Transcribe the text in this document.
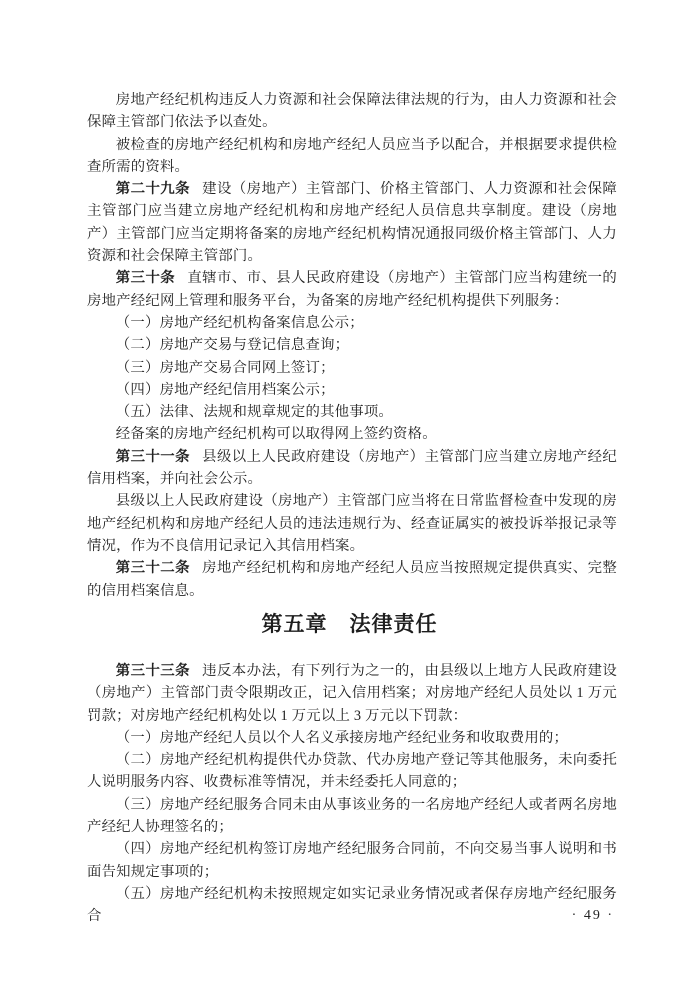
房地产经纪机构违反人力资源和社会保障法律法规的行为，由人力资源和社会保障主管部门依法予以查处。

被检查的房地产经纪机构和房地产经纪人员应当予以配合，并根据要求提供检查所需的资料。

第二十九条 建设（房地产）主管部门、价格主管部门、人力资源和社会保障主管部门应当建立房地产经纪机构和房地产经纪人员信息共享制度。建设（房地产）主管部门应当定期将备案的房地产经纪机构情况通报同级价格主管部门、人力资源和社会保障主管部门。

第三十条 直辖市、市、县人民政府建设（房地产）主管部门应当构建统一的房地产经纪网上管理和服务平台，为备案的房地产经纪机构提供下列服务：

（一）房地产经纪机构备案信息公示；

（二）房地产交易与登记信息查询；

（三）房地产交易合同网上签订；

（四）房地产经纪信用档案公示；

（五）法律、法规和规章规定的其他事项。

经备案的房地产经纪机构可以取得网上签约资格。

第三十一条 县级以上人民政府建设（房地产）主管部门应当建立房地产经纪信用档案，并向社会公示。

县级以上人民政府建设（房地产）主管部门应当将在日常监督检查中发现的房地产经纪机构和房地产经纪人员的违法违规行为、经查证属实的被投诉举报记录等情况，作为不良信用记录记入其信用档案。

第三十二条 房地产经纪机构和房地产经纪人员应当按照规定提供真实、完整的信用档案信息。

第五章　法律责任

第三十三条 违反本办法，有下列行为之一的，由县级以上地方人民政府建设（房地产）主管部门责令限期改正，记入信用档案；对房地产经纪人员处以 1 万元罚款；对房地产经纪机构处以 1 万元以上 3 万元以下罚款：

（一）房地产经纪人员以个人名义承接房地产经纪业务和收取费用的；

（二）房地产经纪机构提供代办贷款、代办房地产登记等其他服务，未向委托人说明服务内容、收费标准等情况，并未经委托人同意的；

（三）房地产经纪服务合同未由从事该业务的一名房地产经纪人或者两名房地产经纪人协理签名的；

（四）房地产经纪机构签订房地产经纪服务合同前，不向交易当事人说明和书面告知规定事项的；

（五）房地产经纪机构未按照规定如实记录业务情况或者保存房地产经纪服务合	· 49 ·
